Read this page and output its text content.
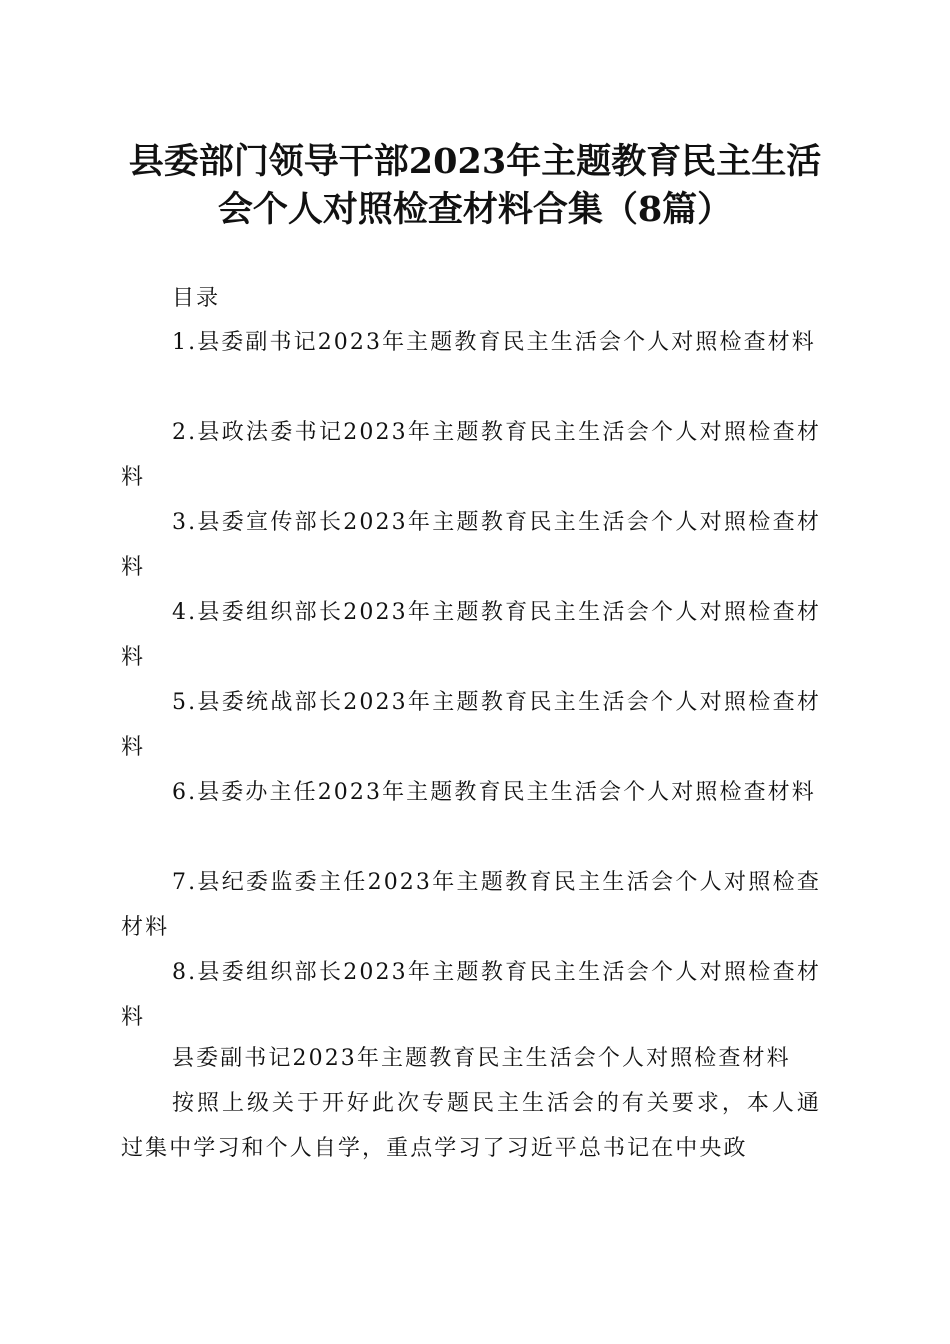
县委部门领导干部2023年主题教育民主生活
会个人对照检查材料合集（8篇）

目录

1.县委副书记2023年主题教育民主生活会个人对照检查材料

2.县政法委书记2023年主题教育民主生活会个人对照检查材料

3.县委宣传部长2023年主题教育民主生活会个人对照检查材料

4.县委组织部长2023年主题教育民主生活会个人对照检查材料

5.县委统战部长2023年主题教育民主生活会个人对照检查材料

6.县委办主任2023年主题教育民主生活会个人对照检查材料

7.县纪委监委主任2023年主题教育民主生活会个人对照检查材料

8.县委组织部长2023年主题教育民主生活会个人对照检查材料

县委副书记2023年主题教育民主生活会个人对照检查材料

按照上级关于开好此次专题民主生活会的有关要求，本人通过集中学习和个人自学，重点学习了习近平总书记在中央政
